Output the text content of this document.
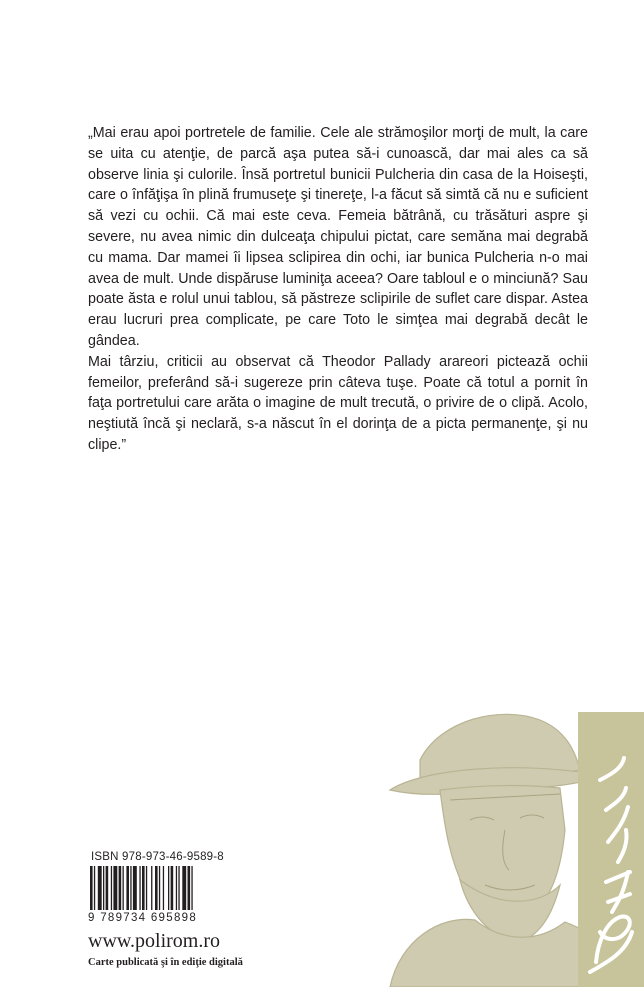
„Mai erau apoi portretele de familie. Cele ale strămoşilor morţi de mult, la care se uita cu atenţie, de parcă aşa putea să-i cunoască, dar mai ales ca să observe linia şi culorile. Însă portretul bunicii Pulcheria din casa de la Hoiseşti, care o înfăţişa în plină frumuseţe şi tinereţe, l-a făcut să simtă că nu e suficient să vezi cu ochii. Că mai este ceva. Femeia bătrână, cu trăsături aspre şi severe, nu avea nimic din dulceaţa chipului pictat, care semăna mai degrabă cu mama. Dar mamei îi lipsea sclipirea din ochi, iar bunica Pulcheria n-o mai avea de mult. Unde dispăruse luminiţa aceea? Oare tabloul e o minciună? Sau poate ăsta e rolul unui tablou, să păstreze sclipirile de suflet care dispar. Astea erau lucruri prea complicate, pe care Toto le simţea mai degrabă decât le gândea.

Mai târziu, criticii au observat că Theodor Pallady arareori pictează ochii femeilor, preferând să-i sugereze prin câteva tuşe. Poate că totul a pornit în faţa portretului care arăta o imagine de mult trecută, o privire de o clipă. Acolo, neştiută încă şi neclară, s-a născut în el dorinţa de a picta permanenţe, şi nu clipe.”

ISBN 978-973-46-9589-8
9 789734 695898
www.polirom.ro
Carte publicată şi în ediţie digitală
